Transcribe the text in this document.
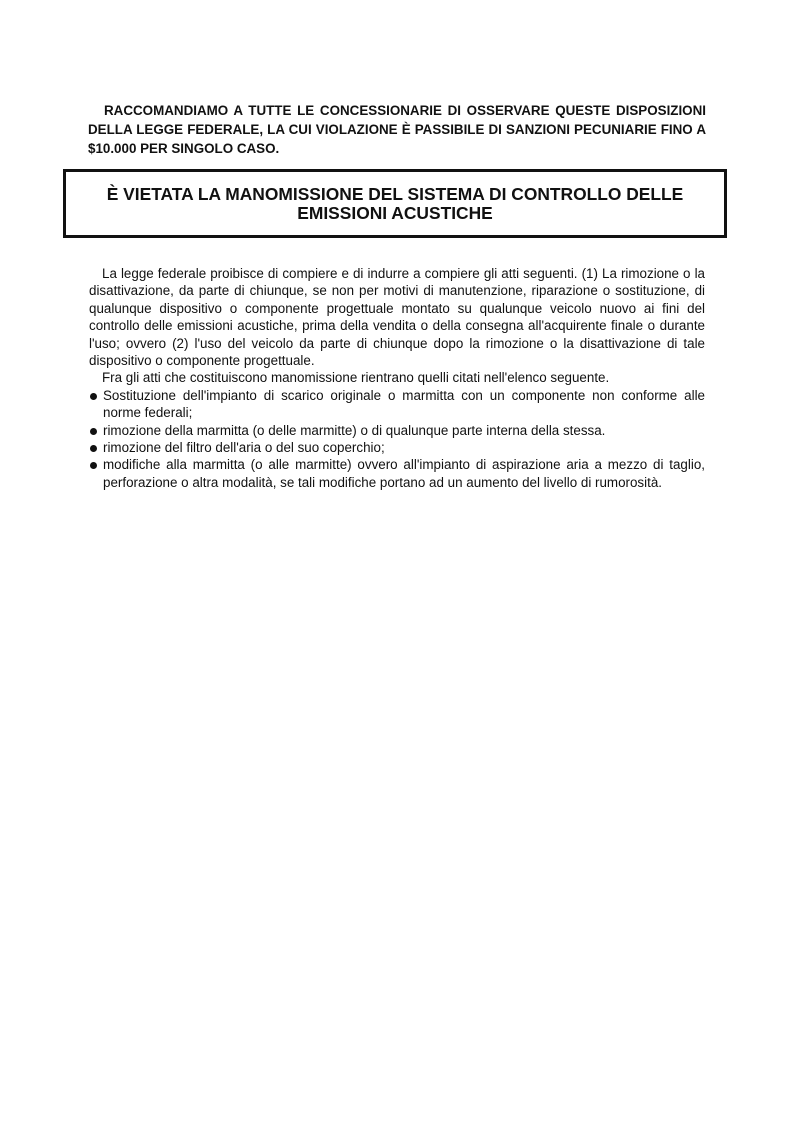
RACCOMANDIAMO A TUTTE LE CONCESSIONARIE DI OSSERVARE QUESTE DISPOSIZIONI DELLA LEGGE FEDERALE, LA CUI VIOLAZIONE È PASSIBILE DI SANZIONI PECUNIARIE FINO A $10.000 PER SINGOLO CASO.

È VIETATA LA MANOMISSIONE DEL SISTEMA DI CONTROLLO DELLE EMISSIONI ACUSTICHE

La legge federale proibisce di compiere e di indurre a compiere gli atti seguenti. (1) La rimozione o la disattivazione, da parte di chiunque, se non per motivi di manutenzione, riparazione o sostituzione, di qualunque dispositivo o componente progettuale montato su qualunque veicolo nuovo ai fini del controllo delle emissioni acustiche, prima della vendita o della consegna all'acquirente finale o durante l'uso; ovvero (2) l'uso del veicolo da parte di chiunque dopo la rimozione o la disattivazione di tale dispositivo o componente progettuale.

Fra gli atti che costituiscono manomissione rientrano quelli citati nell'elenco seguente.

Sostituzione dell'impianto di scarico originale o marmitta con un componente non conforme alle norme federali;
rimozione della marmitta (o delle marmitte) o di qualunque parte interna della stessa.
rimozione del filtro dell'aria o del suo coperchio;
modifiche alla marmitta (o alle marmitte) ovvero all'impianto di aspirazione aria a mezzo di taglio, perforazione o altra modalità, se tali modifiche portano ad un aumento del livello di rumorosità.
